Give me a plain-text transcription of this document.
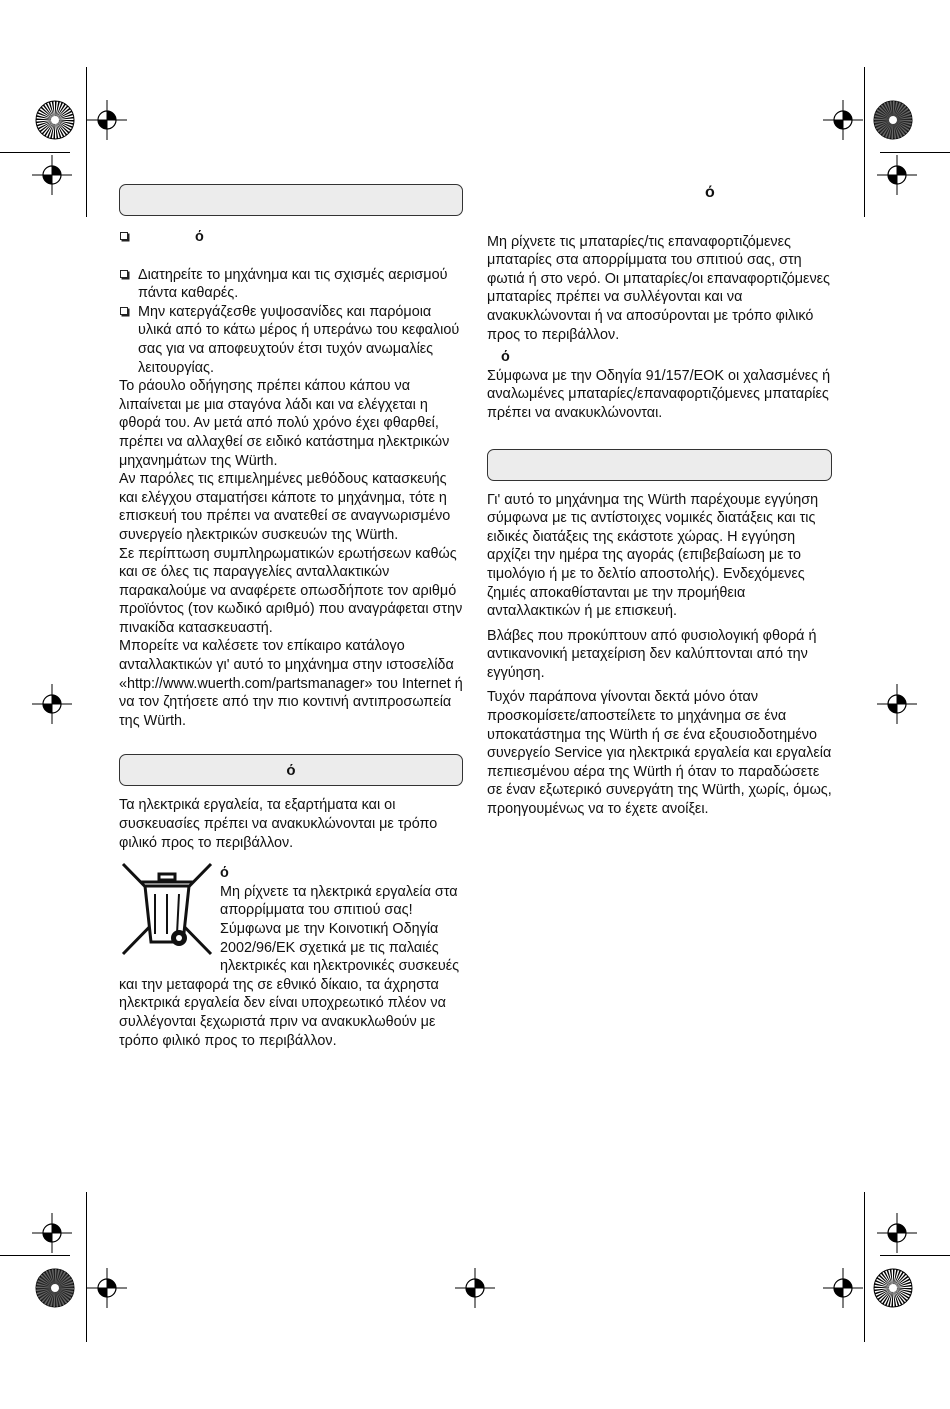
ό
Διατηρείτε το μηχάνημα και τις σχισμές αερισμού πάντα καθαρές.
Μην κατεργάζεσθε γυψοσανίδες και παρόμοια υλικά από το κάτω μέρος ή υπεράνω του κεφαλιού σας για να αποφευχτούν έτσι τυχόν ανωμαλίες λειτουργίας.

Το ράουλο οδήγησης πρέπει κάπου κάπου να λιπαίνεται με μια σταγόνα λάδι και να ελέγχεται η φθορά του. Αν μετά από πολύ χρόνο έχει φθαρθεί, πρέπει να αλλαχθεί σε ειδικό κατάστημα ηλεκτρικών μηχανημάτων της Würth.

Αν παρόλες τις επιμελημένες μεθόδους κατασκευής και ελέγχου σταματήσει κάποτε το μηχάνημα, τότε η επισκευή του πρέπει να ανατεθεί σε αναγνωρισμένο συνεργείο ηλεκτρικών συσκευών της Würth.

Σε περίπτωση συμπληρωματικών ερωτήσεων καθώς και σε όλες τις παραγγελίες ανταλλακτικών παρακαλούμε να αναφέρετε οπωσδήποτε τον αριθμό προϊόντος (τον κωδικό αριθμό) που αναγράφεται στην πινακίδα κατασκευαστή.

Μπορείτε να καλέσετε τον επίκαιρο κατάλογο ανταλλακτικών γι' αυτό το μηχάνημα στην ιστοσελίδα «http://www.wuerth.com/partsmanager» του Internet ή να τον ζητήσετε από την πιο κοντινή αντιπροσωπεία της Würth.

ό

Τα ηλεκτρικά εργαλεία, τα εξαρτήματα και οι συσκευασίες πρέπει να ανακυκλώνονται με τρόπο φιλικό προς το περιβάλλον.

ό

Μη ρίχνετε τα ηλεκτρικά εργαλεία στα απορρίμματα του σπιτιού σας! Σύμφωνα με την Κοινοτική Οδηγία 2002/96/ΕΚ σχετικά με τις παλαιές ηλεκτρικές και ηλεκτρονικές συσκευές και την μεταφορά της σε εθνικό δίκαιο, τα άχρηστα ηλεκτρικά εργαλεία δεν είναι υποχρεωτικό πλέον να συλλέγονται ξεχωριστά πριν να ανακυκλωθούν με τρόπο φιλικό προς το περιβάλλον.

ό

Μη ρίχνετε τις μπαταρίες/τις επαναφορτιζόμενες μπαταρίες στα απορρίμματα του σπιτιού σας, στη φωτιά ή στο νερό. Οι μπαταρίες/οι επαναφορτιζόμενες μπαταρίες πρέπει να συλλέγονται και να ανακυκλώνονται ή να αποσύρονται με τρόπο φιλικό προς το περιβάλλον.

ό

Σύμφωνα με την Οδηγία 91/157/ΕΟΚ οι χαλασμένες ή αναλωμένες μπαταρίες/επαναφορτιζόμενες μπαταρίες πρέπει να ανακυκλώνονται.

Γι' αυτό το μηχάνημα της Würth παρέχουμε εγγύηση σύμφωνα με τις αντίστοιχες νομικές διατάξεις και τις ειδικές διατάξεις της εκάστοτε χώρας. Η εγγύηση αρχίζει την ημέρα της αγοράς (επιβεβαίωση με το τιμολόγιο ή με το δελτίο αποστολής). Ενδεχόμενες ζημιές αποκαθίστανται με την προμήθεια ανταλλακτικών ή με επισκευή.

Βλάβες που προκύπτουν από φυσιολογική φθορά ή αντικανονική μεταχείριση δεν καλύπτονται από την εγγύηση.

Τυχόν παράπονα γίνονται δεκτά μόνο όταν προσκομίσετε/αποστείλετε το μηχάνημα σε ένα υποκατάστημα της Würth ή σε ένα εξουσιοδοτημένο συνεργείο Service για ηλεκτρικά εργαλεία και εργαλεία πεπιεσμένου αέρα της Würth ή όταν το παραδώσετε σε έναν εξωτερικό συνεργάτη της Würth, χωρίς, όμως, προηγουμένως να το έχετε ανοίξει.
